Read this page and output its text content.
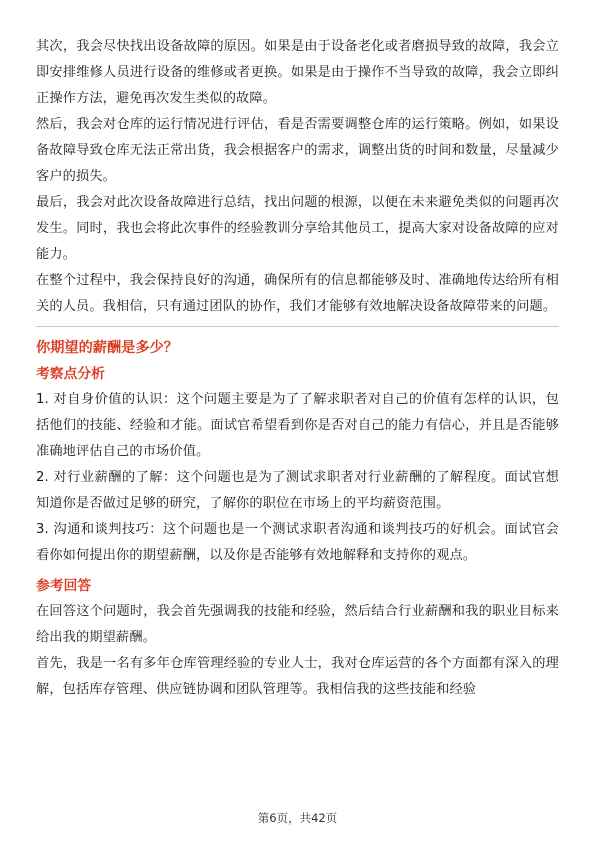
其次，我会尽快找出设备故障的原因。如果是由于设备老化或者磨损导致的故障，我会立即安排维修人员进行设备的维修或者更换。如果是由于操作不当导致的故障，我会立即纠正操作方法，避免再次发生类似的故障。

然后，我会对仓库的运行情况进行评估，看是否需要调整仓库的运行策略。例如，如果设备故障导致仓库无法正常出货，我会根据客户的需求，调整出货的时间和数量，尽量减少客户的损失。

最后，我会对此次设备故障进行总结，找出问题的根源，以便在未来避免类似的问题再次发生。同时，我也会将此次事件的经验教训分享给其他员工，提高大家对设备故障的应对能力。

在整个过程中，我会保持良好的沟通，确保所有的信息都能够及时、准确地传达给所有相关的人员。我相信，只有通过团队的协作，我们才能够有效地解决设备故障带来的问题。

你期望的薪酬是多少？

考察点分析

1. 对自身价值的认识：这个问题主要是为了了解求职者对自己的价值有怎样的认识，包括他们的技能、经验和才能。面试官希望看到你是否对自己的能力有信心，并且是否能够准确地评估自己的市场价值。

2. 对行业薪酬的了解：这个问题也是为了测试求职者对行业薪酬的了解程度。面试官想知道你是否做过足够的研究，了解你的职位在市场上的平均薪资范围。

3. 沟通和谈判技巧：这个问题也是一个测试求职者沟通和谈判技巧的好机会。面试官会看你如何提出你的期望薪酬，以及你是否能够有效地解释和支持你的观点。

参考回答

在回答这个问题时，我会首先强调我的技能和经验，然后结合行业薪酬和我的职业目标来给出我的期望薪酬。

首先，我是一名有多年仓库管理经验的专业人士，我对仓库运营的各个方面都有深入的理解，包括库存管理、供应链协调和团队管理等。我相信我的这些技能和经验

第6页，共42页
